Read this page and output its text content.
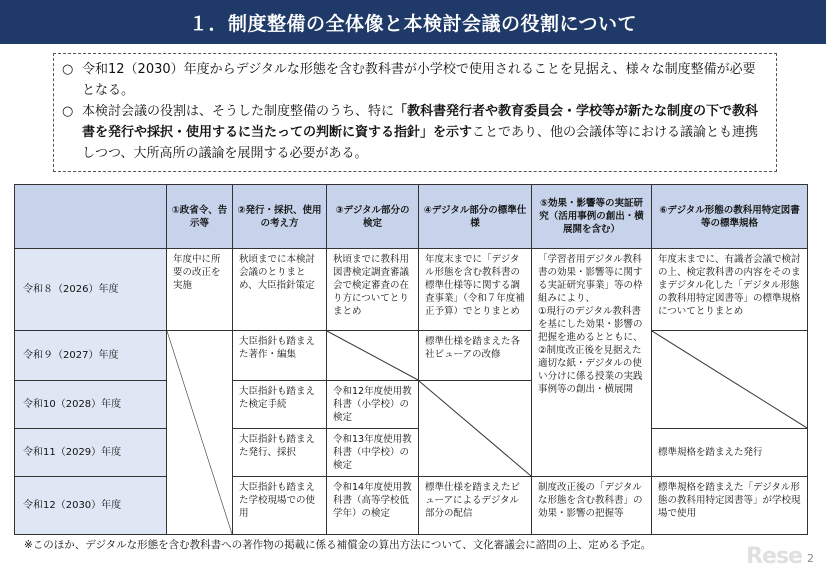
１．制度整備の全体像と本検討会議の役割について

○ 令和12（2030）年度からデジタルな形態を含む教科書が小学校で使用されることを見据え、様々な制度整備が必要となる。

○ 本検討会議の役割は、そうした制度整備のうち、特に「教科書発行者や教育委員会・学校等が新たな制度の下で教科書を発行や採択・使用するに当たっての判断に資する指針」を示すことであり、他の会議体等における議論とも連携しつつ、大所高所の議論を展開する必要がある。

	①政省令、告示等	②発行・採択、使用の考え方	③デジタル部分の検定	④デジタル部分の標準仕様	⑤効果・影響等の実証研究（活用事例の創出・横展開を含む）	⑥デジタル形態の教科用特定図書等の標準規格
令和８（2026）年度	年度中に所要の改正を実施	秋頃までに本検討会議のとりまとめ、大臣指針策定	秋頃までに教科用図書検定調査審議会で検定審査の在り方についてとりまとめ	年度末までに「デジタル形態を含む教科書の標準仕様等に関する調査事業」（令和７年度補正予算）でとりまとめ	「学習者用デジタル教科書の効果・影響等に関する実証研究事業」等の枠組みにより、
①現行のデジタル教科書を基にした効果・影響の把握を進めるとともに、
②制度改正後を見据えた適切な紙・デジタルの使い分けに係る授業の実践事例等の創出・横展開	年度末までに、有識者会議で検討の上、検定教科書の内容をそのままデジタル化した「デジタル形態の教科用特定図書等」の標準規格についてとりまとめ
令和９（2027）年度		大臣指針も踏まえた著作・編集		標準仕様を踏まえた各社ビューアの改修	

令和10（2028）年度		大臣指針も踏まえた検定手続	令和12年度使用教科書（小学校）の検定	

令和11（2029）年度		大臣指針も踏まえた発行、採択	令和13年度使用教科書（中学校）の検定			標準規格を踏まえた発行
令和12（2030）年度		大臣指針も踏まえた学校現場での使用	令和14年度使用教科書（高等学校低学年）の検定	標準仕様を踏まえたビューアによるデジタル部分の配信	制度改正後の「デジタルな形態を含む教科書」の効果・影響の把握等	標準規格を踏まえた「デジタル形態の教科用特定図書等」が学校現場で使用
※このほか、デジタルな形態を含む教科書への著作物の掲載に係る補償金の算出方法について、文化審議会に諮問の上、定める予定。	Rese 2
